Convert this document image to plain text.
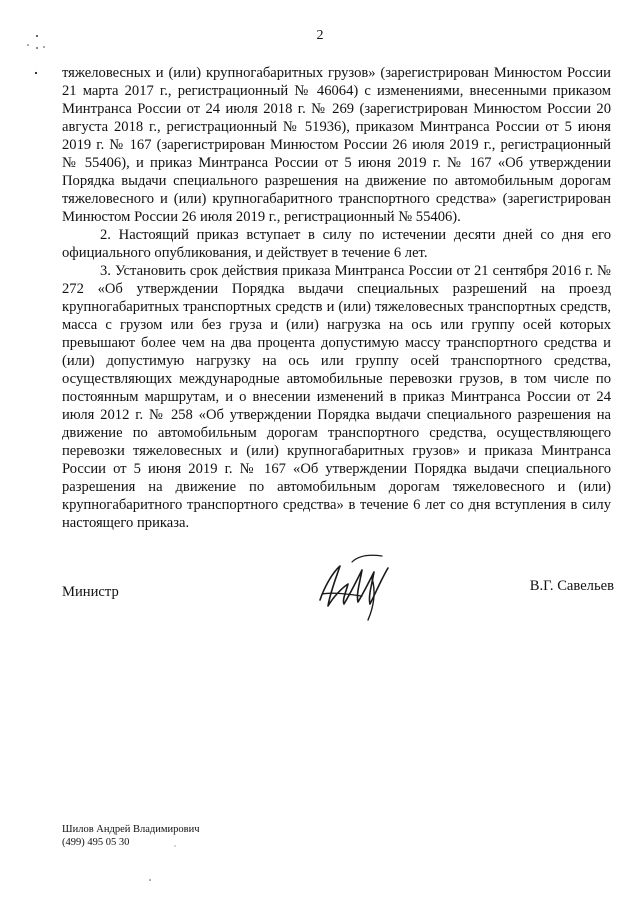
2

тяжеловесных и (или) крупногабаритных грузов» (зарегистрирован Минюстом России 21 марта 2017 г., регистрационный № 46064) с изменениями, внесенными приказом Минтранса России от 24 июля 2018 г. № 269 (зарегистрирован Минюстом России 20 августа 2018 г., регистрационный № 51936), приказом Минтранса России от 5 июня 2019 г. № 167 (зарегистрирован Минюстом России 26 июля 2019 г., регистрационный № 55406), и приказ Минтранса России от 5 июня 2019 г. № 167 «Об утверждении Порядка выдачи специального разрешения на движение по автомобильным дорогам тяжеловесного и (или) крупногабаритного транспортного средства» (зарегистрирован Минюстом России 26 июля 2019 г., регистрационный № 55406).

2. Настоящий приказ вступает в силу по истечении десяти дней со дня его официального опубликования, и действует в течение 6 лет.

3. Установить срок действия приказа Минтранса России от 21 сентября 2016 г. № 272 «Об утверждении Порядка выдачи специальных разрешений на проезд крупногабаритных транспортных средств и (или) тяжеловесных транспортных средств, масса с грузом или без груза и (или) нагрузка на ось или группу осей которых превышают более чем на два процента допустимую массу транспортного средства и (или) допустимую нагрузку на ось или группу осей транспортного средства, осуществляющих международные автомобильные перевозки грузов, в том числе по постоянным маршрутам, и о внесении изменений в приказ Минтранса России от 24 июля 2012 г. № 258 «Об утверждении Порядка выдачи специального разрешения на движение по автомобильным дорогам транспортного средства, осуществляющего перевозки тяжеловесных и (или) крупногабаритных грузов» и приказа Минтранса России от 5 июня 2019 г. № 167 «Об утверждении Порядка выдачи специального разрешения на движение по автомобильным дорогам тяжеловесного и (или) крупногабаритного транспортного средства» в течение 6 лет со дня вступления в силу настоящего приказа.

Министр	В.Г. Савельев
Шилов Андрей Владимирович
(499) 495 05 30
